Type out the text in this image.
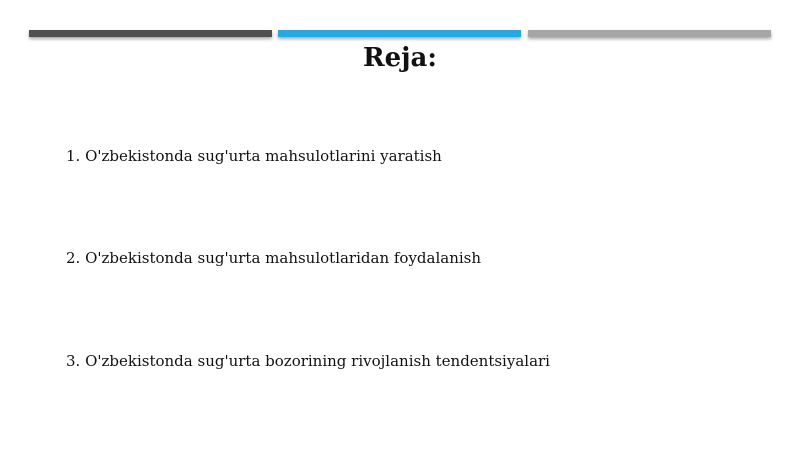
Reja:
1. O'zbekistonda sug'urta mahsulotlarini yaratish
2. O'zbekistonda sug'urta mahsulotlaridan foydalanish
3. O'zbekistonda sug'urta bozorining rivojlanish tendentsiyalari
